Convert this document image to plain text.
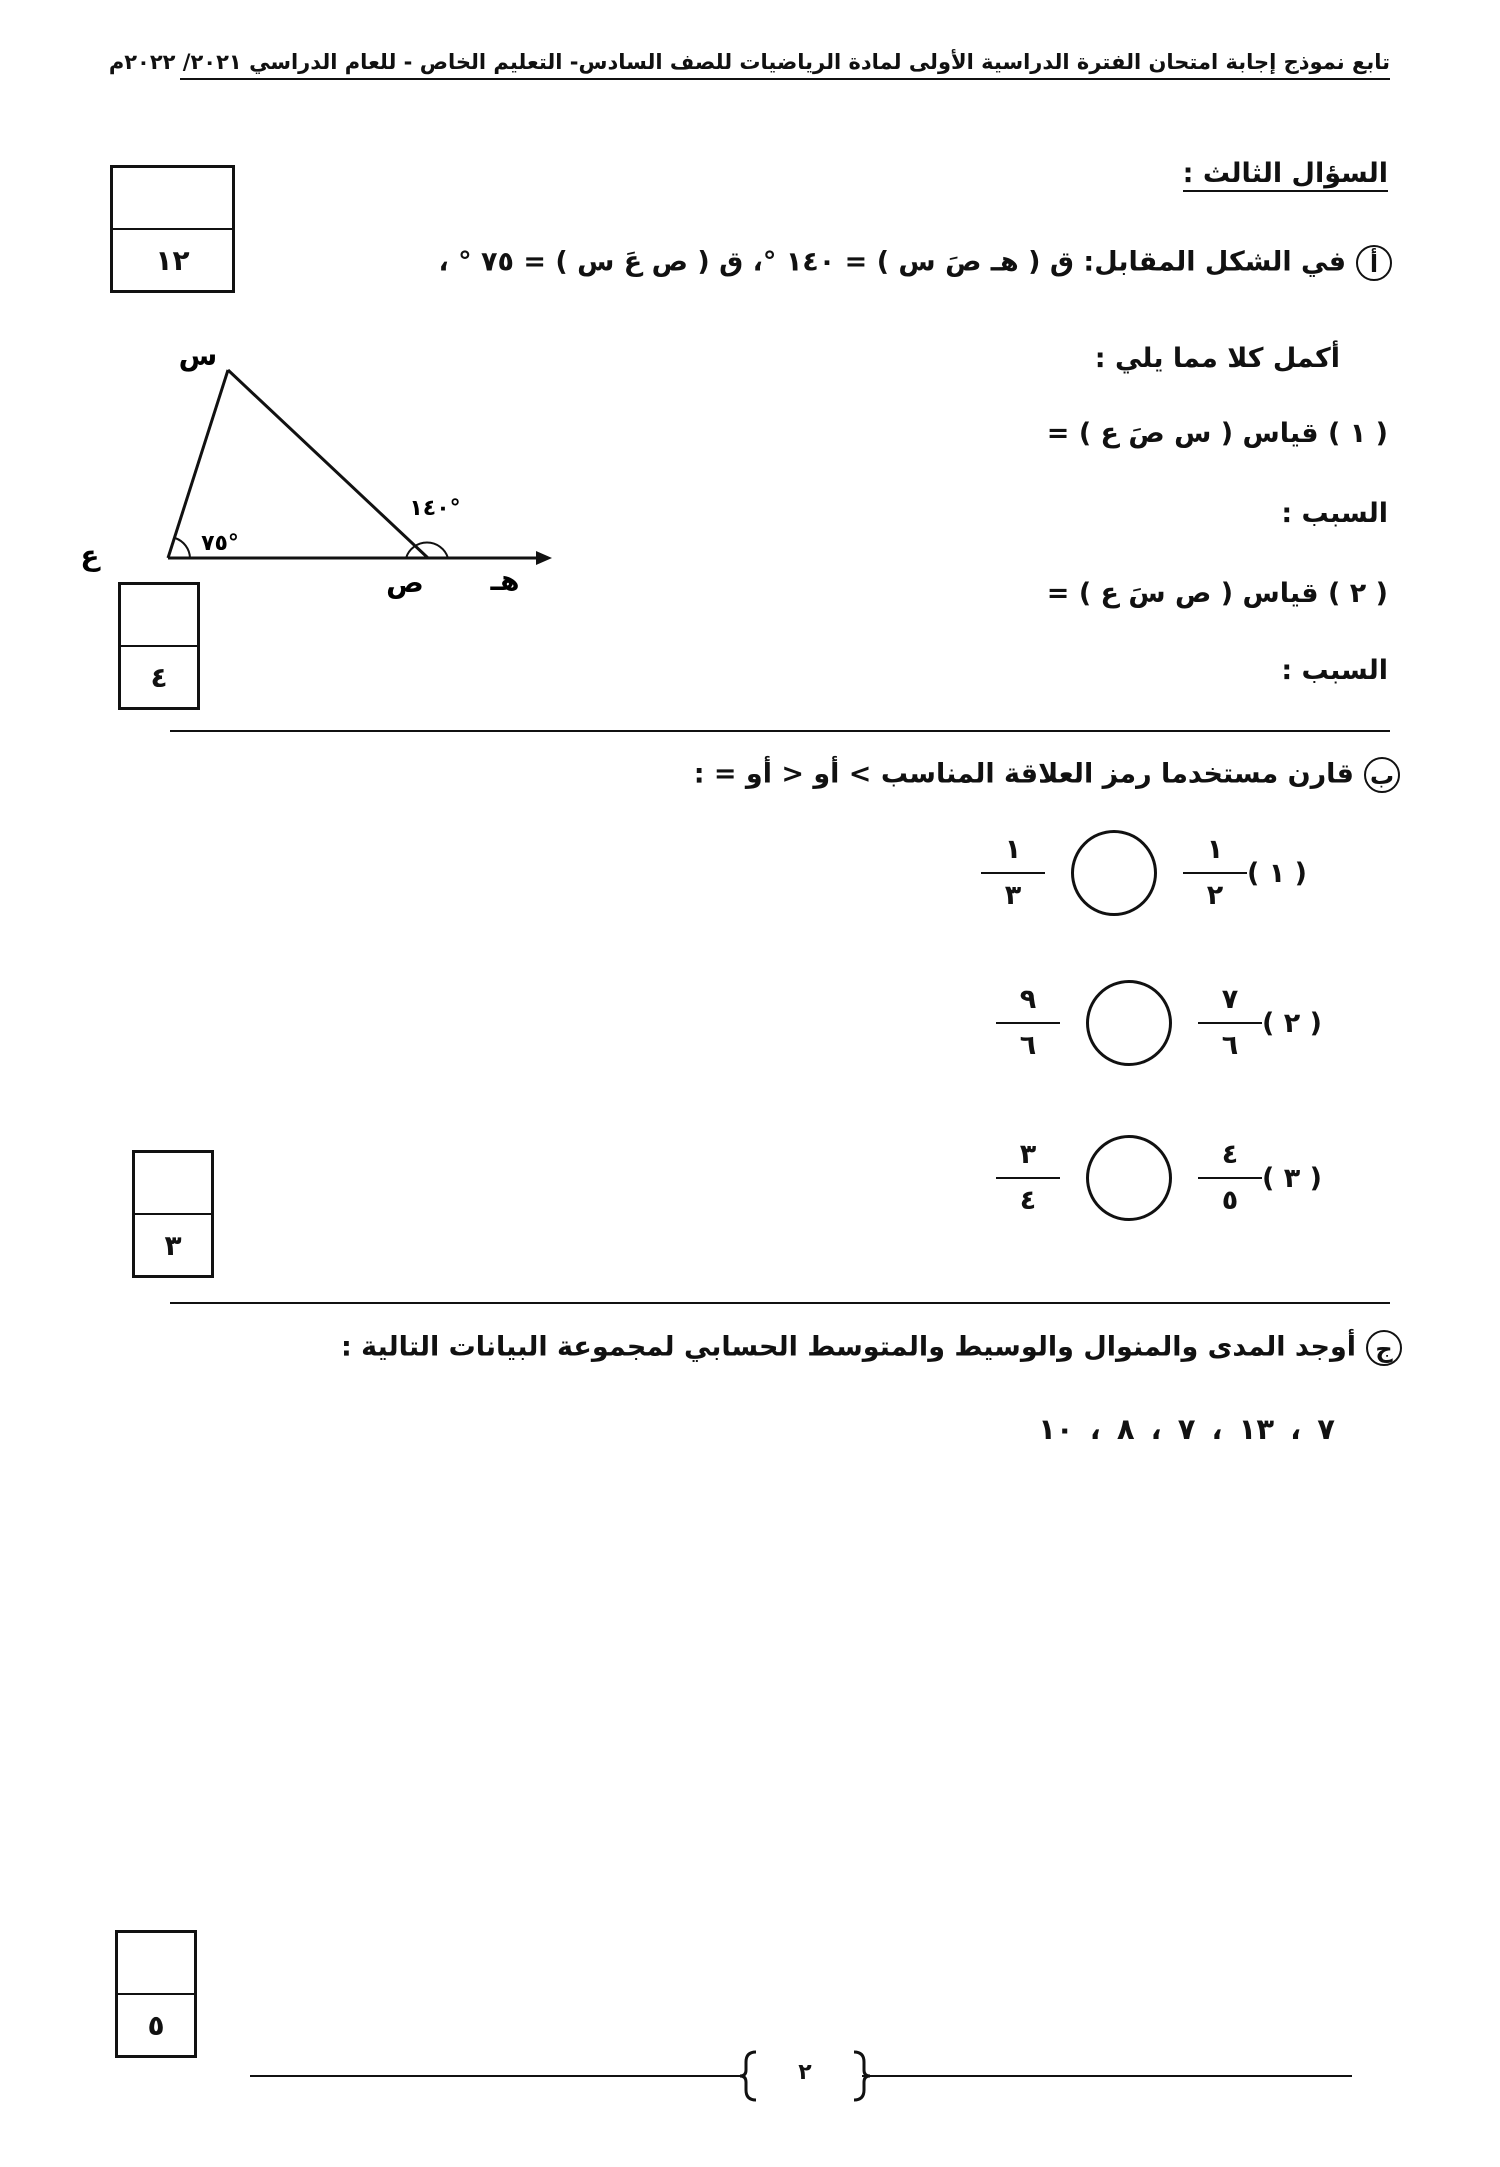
تابع نموذج إجابة امتحان الفترة الدراسية الأولى لمادة الرياضيات للصف السادس- التعليم الخاص - للعام الدراسي ٢٠٢١/ ٢٠٢٢م
السؤال الثالث :
١٢	أفي الشكل المقابل: ق ( هـ صَ س ) = ١٤٠ °، ق ( ص عَ س ) = ٧٥ ° ،
أكمل كلا مما يلي :
( ١ ) قياس ( س صَ ع ) =
السبب :
( ٢ ) قياس ( ص سَ ع ) =
السبب :
س
ع
ص هـ
٧٥°
١٤٠°
٤
بقارن مستخدما رمز العلاقة المناسب > أو < أو = :
( ١ )
$\frac{١}{٢}$
$\frac{١}{٣}$
( ٢ )
$\frac{٧}{٦}$
$\frac{٩}{٦}$
( ٣ )
$\frac{٤}{٥}$
$\frac{٣}{٤}$
٣
جأوجد المدى والمنوال والوسيط والمتوسط الحسابي لمجموعة البيانات التالية :
٧ ، ١٣ ، ٧ ، ٨ ، ١٠
٥
٢
